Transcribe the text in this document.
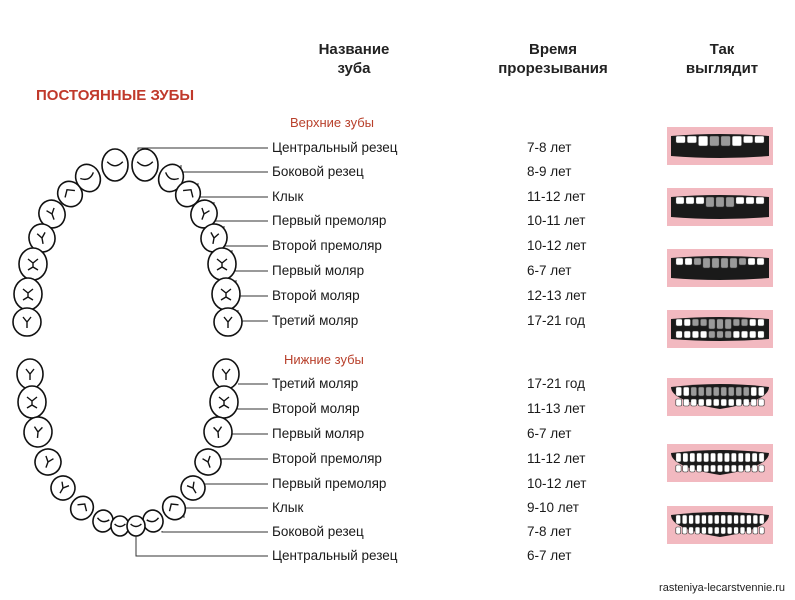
Название
зуба
Время
прорезывания
Так
выглядит
ПОСТОЯННЫЕ ЗУБЫ
Верхние зубы
Нижние зубы
Центральный резец
Боковой резец
Клык
Первый премоляр
Второй премоляр
Первый моляр
Второй моляр
Третий моляр
7-8 лет
8-9 лет
11-12 лет
10-11 лет
10-12 лет
6-7 лет
12-13 лет
17-21 год
Третий моляр
Второй моляр
Первый моляр
Второй премоляр
Первый премоляр
Клык
Боковой резец
Центральный резец
17-21 год
11-13 лет
6-7 лет
11-12 лет
10-12 лет
9-10 лет
7-8 лет
6-7 лет
rasteniya-lecarstvennie.ru
